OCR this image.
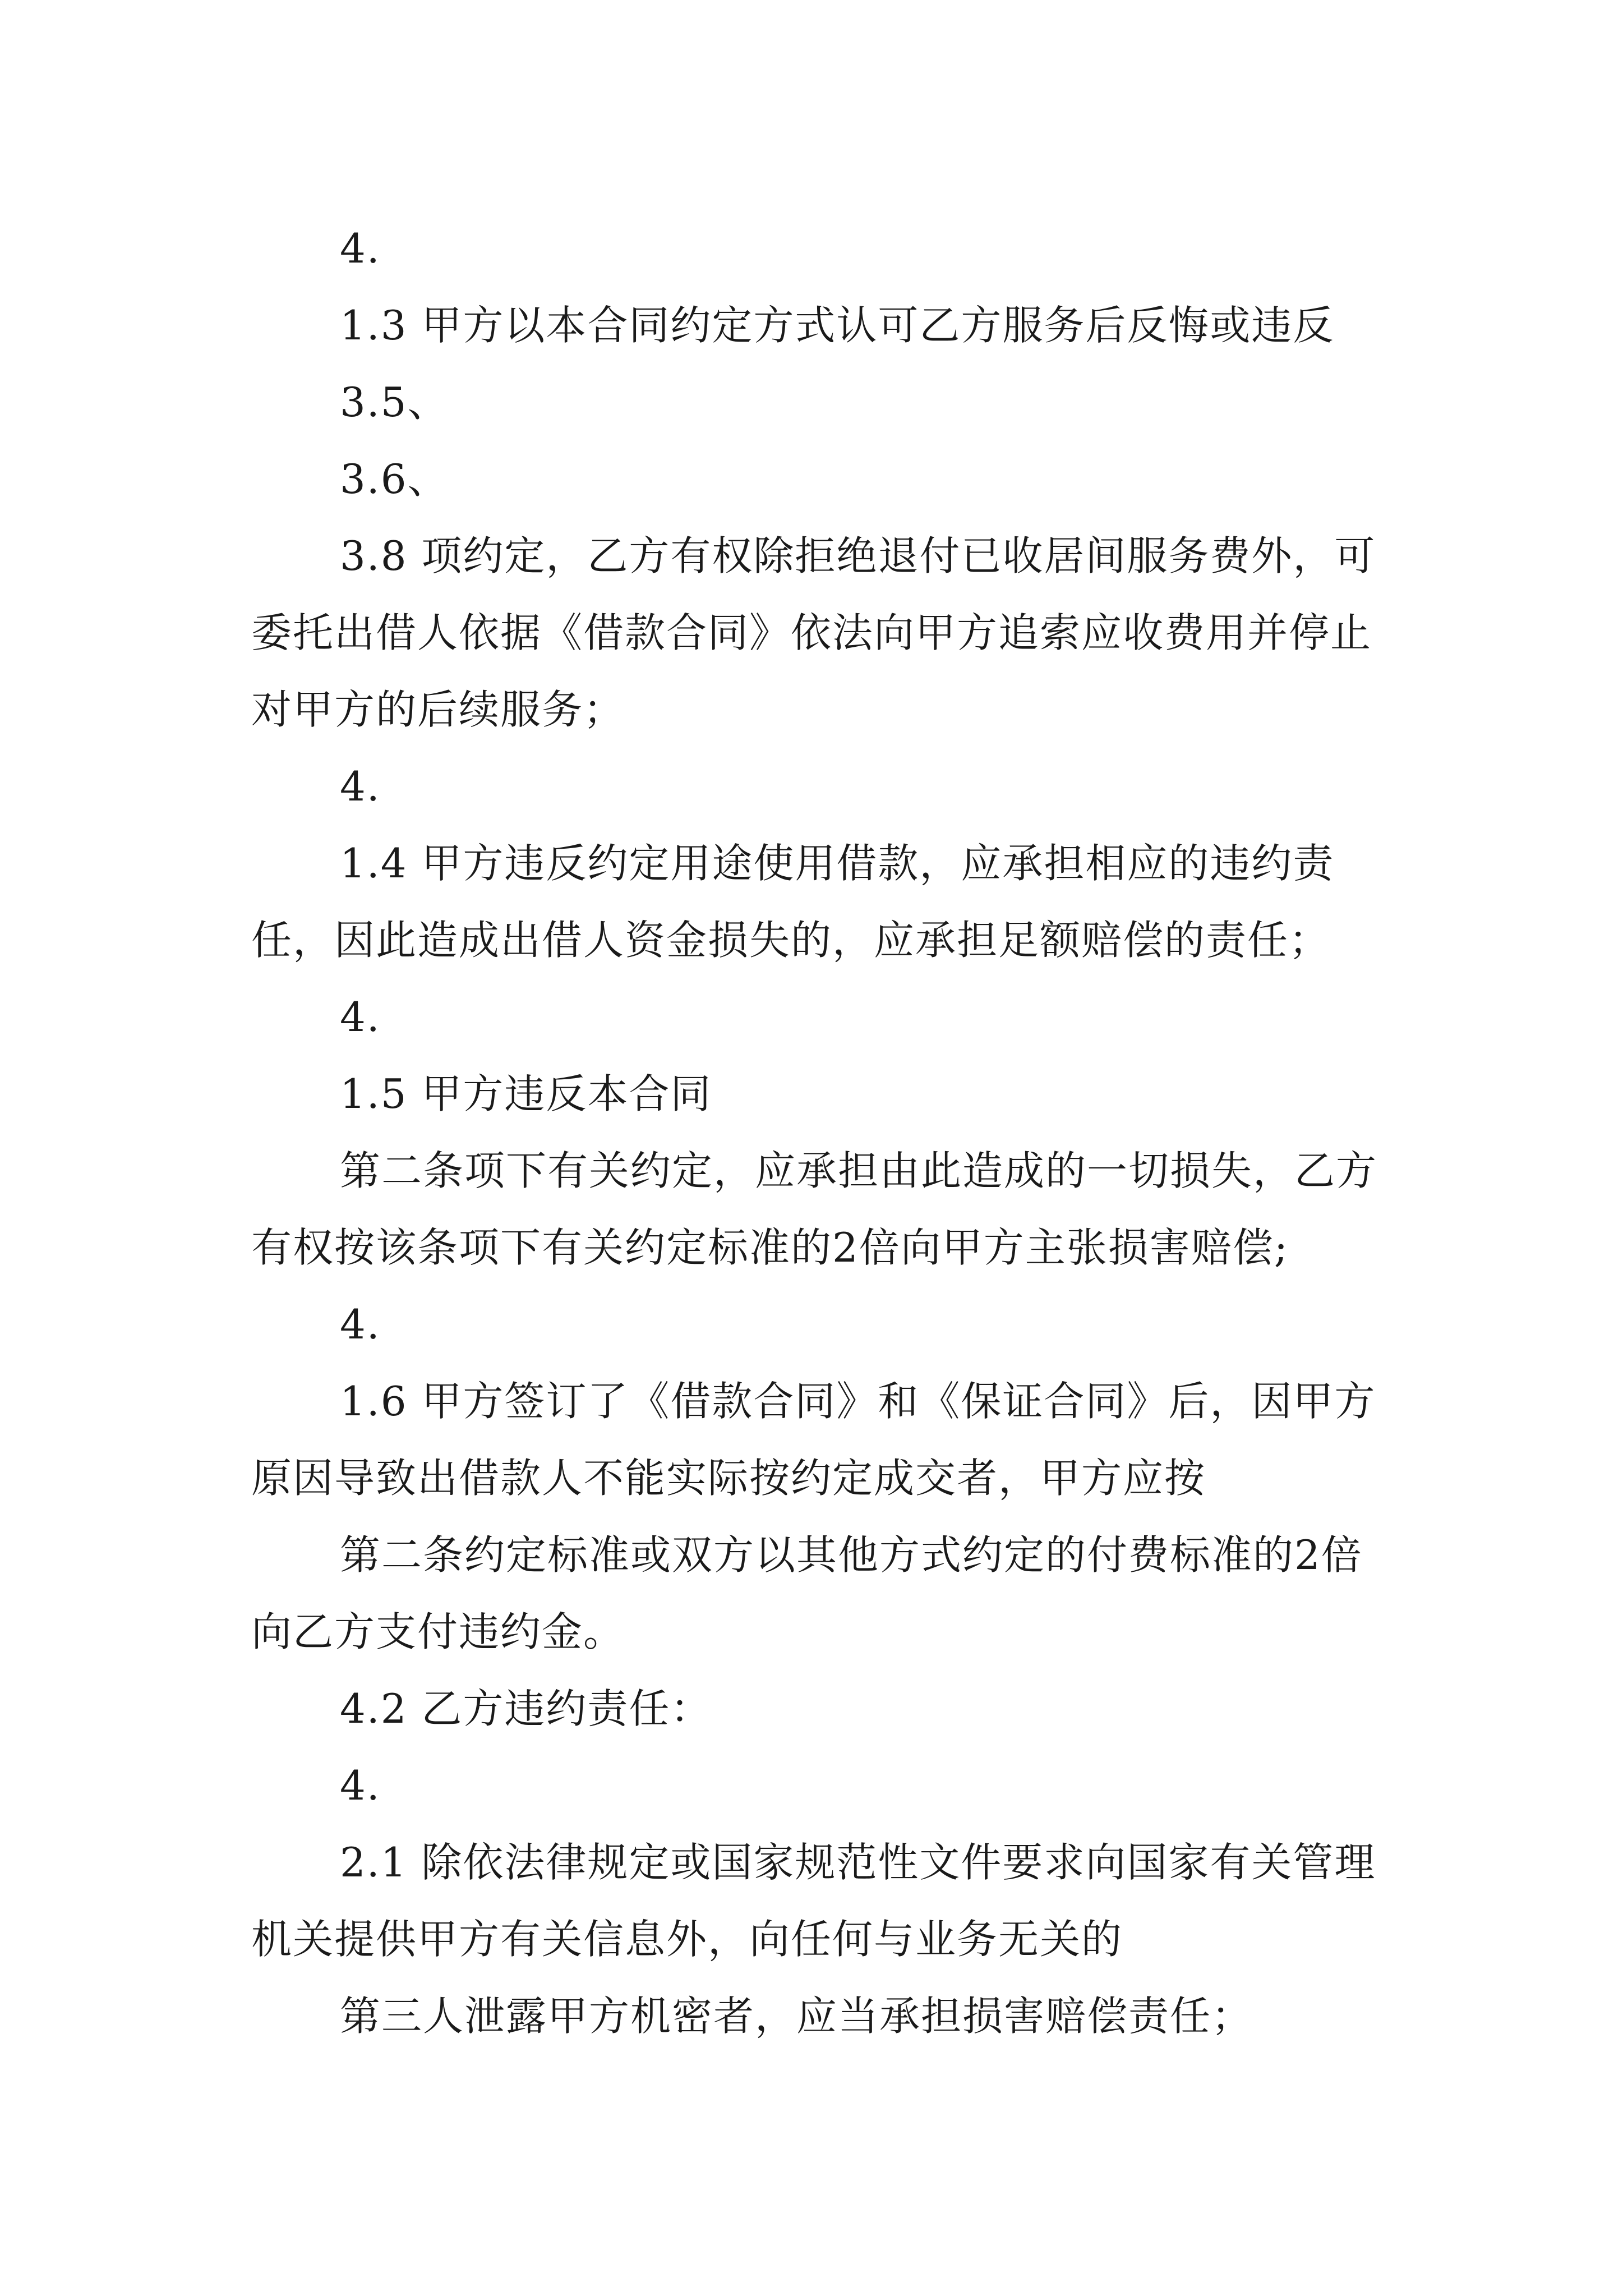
4.

1.3 甲方以本合同约定方式认可乙方服务后反悔或违反

3.5、

3.6、

3.8 项约定，乙方有权除拒绝退付已收居间服务费外，可委托出借人依据《借款合同》依法向甲方追索应收费用并停止对甲方的后续服务；

4.

1.4 甲方违反约定用途使用借款，应承担相应的违约责任，因此造成出借人资金损失的，应承担足额赔偿的责任；

4.

1.5 甲方违反本合同

第二条项下有关约定，应承担由此造成的一切损失，乙方有权按该条项下有关约定标准的2倍向甲方主张损害赔偿;

4.

1.6 甲方签订了《借款合同》和《保证合同》后，因甲方原因导致出借款人不能实际按约定成交者，甲方应按

第二条约定标准或双方以其他方式约定的付费标准的2倍向乙方支付违约金。

4.2 乙方违约责任：

4.

2.1 除依法律规定或国家规范性文件要求向国家有关管理机关提供甲方有关信息外，向任何与业务无关的

第三人泄露甲方机密者，应当承担损害赔偿责任；
